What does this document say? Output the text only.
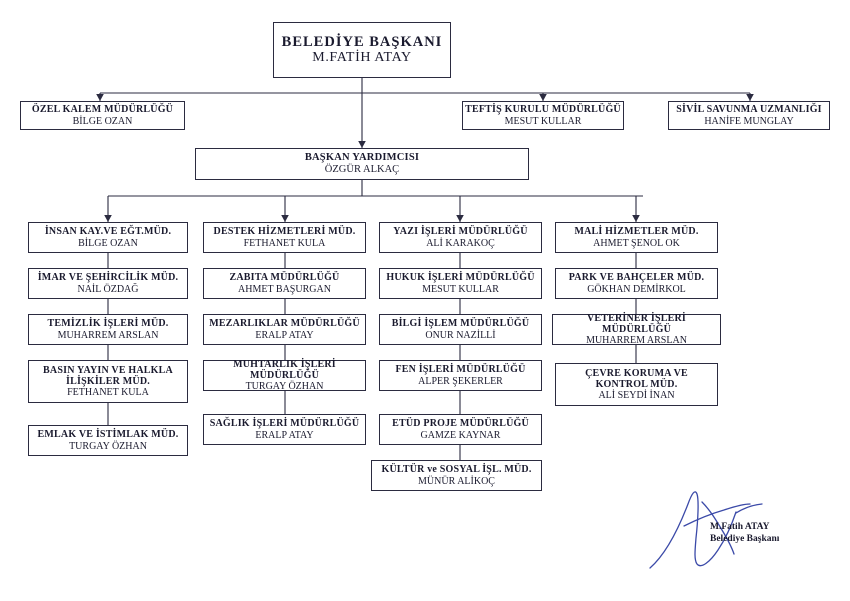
BELEDİYE BAŞKANI
M.FATİH ATAY
ÖZEL KALEM MÜDÜRLÜĞÜ
BİLGE OZAN
TEFTİŞ KURULU MÜDÜRLÜĞÜ
MESUT KULLAR
SİVİL SAVUNMA UZMANLIĞI
HANİFE MUNGLAY
BAŞKAN YARDIMCISI
ÖZGÜR ALKAÇ
İNSAN KAY.VE EĞT.MÜD.
BİLGE OZAN
İMAR VE ŞEHİRCİLİK MÜD.
NAİL ÖZDAĞ
TEMİZLİK İŞLERİ MÜD.
MUHARREM ARSLAN
BASIN YAYIN VE HALKLA
İLİŞKİLER MÜD.
FETHANET KULA
EMLAK VE İSTİMLAK MÜD.
TURGAY ÖZHAN
DESTEK HİZMETLERİ MÜD.
FETHANET KULA
ZABITA MÜDÜRLÜĞÜ
AHMET BAŞURGAN
MEZARLIKLAR MÜDÜRLÜĞÜ
ERALP ATAY
MUHTARLIK İŞLERİ MÜDÜRLÜĞÜ
TURGAY ÖZHAN
SAĞLIK İŞLERİ MÜDÜRLÜĞÜ
ERALP ATAY
YAZI İŞLERİ MÜDÜRLÜĞÜ
ALİ KARAKOÇ
HUKUK İŞLERİ MÜDÜRLÜĞÜ
MESUT KULLAR
BİLGİ İŞLEM MÜDÜRLÜĞÜ
ONUR NAZİLLİ
FEN İŞLERİ MÜDÜRLÜĞÜ
ALPER ŞEKERLER
ETÜD PROJE MÜDÜRLÜĞÜ
GAMZE KAYNAR
KÜLTÜR ve SOSYAL İŞL. MÜD.
MÜNÜR ALİKOÇ
MALİ HİZMETLER MÜD.
AHMET ŞENOL OK
PARK VE BAHÇELER MÜD.
GÖKHAN DEMİRKOL
VETERİNER İŞLERİ MÜDÜRLÜĞÜ
MUHARREM ARSLAN
ÇEVRE KORUMA VE
KONTROL MÜD.
ALİ SEYDİ İNAN
M.Fatih ATAY
Belediye Başkanı
